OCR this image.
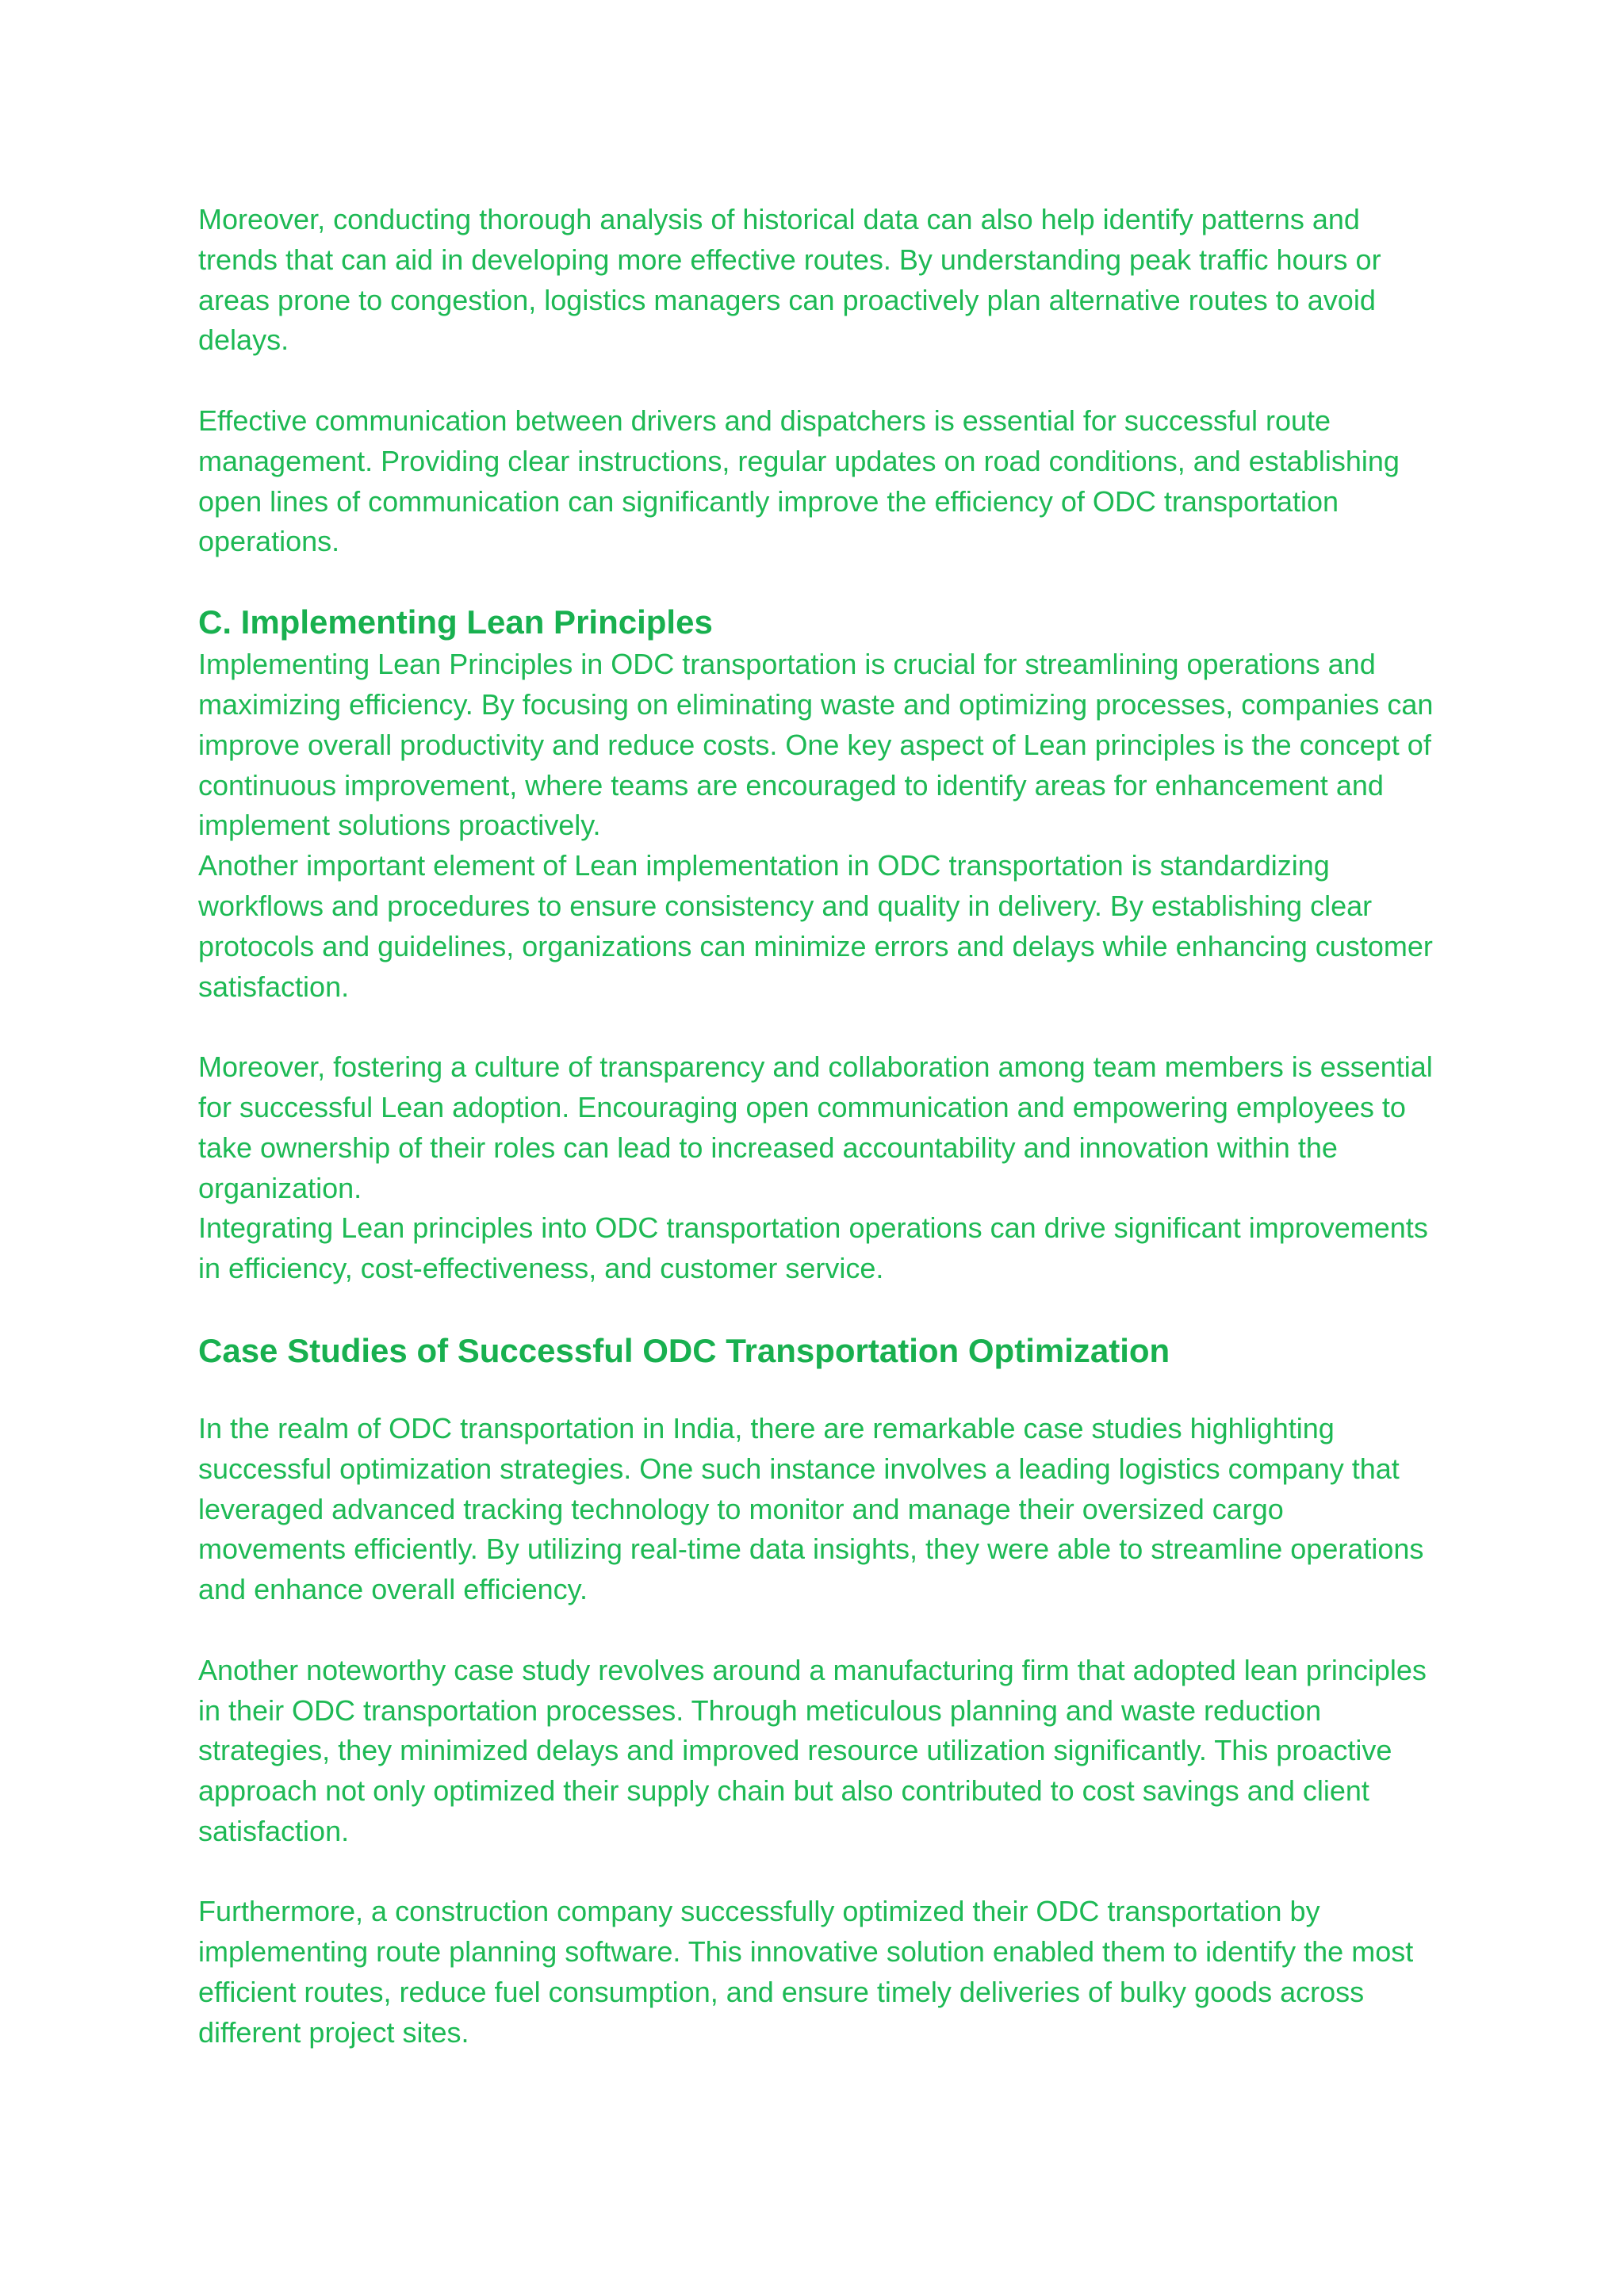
Moreover, conducting thorough analysis of historical data can also help identify patterns and trends that can aid in developing more effective routes. By understanding peak traffic hours or areas prone to congestion, logistics managers can proactively plan alternative routes to avoid delays.

Effective communication between drivers and dispatchers is essential for successful route management. Providing clear instructions, regular updates on road conditions, and establishing open lines of communication can significantly improve the efficiency of ODC transportation operations.

C. Implementing Lean Principles

Implementing Lean Principles in ODC transportation is crucial for streamlining operations and maximizing efficiency. By focusing on eliminating waste and optimizing processes, companies can improve overall productivity and reduce costs. One key aspect of Lean principles is the concept of continuous improvement, where teams are encouraged to identify areas for enhancement and implement solutions proactively.

Another important element of Lean implementation in ODC transportation is standardizing workflows and procedures to ensure consistency and quality in delivery. By establishing clear protocols and guidelines, organizations can minimize errors and delays while enhancing customer satisfaction.

Moreover, fostering a culture of transparency and collaboration among team members is essential for successful Lean adoption. Encouraging open communication and empowering employees to take ownership of their roles can lead to increased accountability and innovation within the organization.

Integrating Lean principles into ODC transportation operations can drive significant improvements in efficiency, cost-effectiveness, and customer service.

Case Studies of Successful ODC Transportation Optimization

In the realm of ODC transportation in India, there are remarkable case studies highlighting successful optimization strategies. One such instance involves a leading logistics company that leveraged advanced tracking technology to monitor and manage their oversized cargo movements efficiently. By utilizing real-time data insights, they were able to streamline operations and enhance overall efficiency.

Another noteworthy case study revolves around a manufacturing firm that adopted lean principles in their ODC transportation processes. Through meticulous planning and waste reduction strategies, they minimized delays and improved resource utilization significantly. This proactive approach not only optimized their supply chain but also contributed to cost savings and client satisfaction.

Furthermore, a construction company successfully optimized their ODC transportation by implementing route planning software. This innovative solution enabled them to identify the most efficient routes, reduce fuel consumption, and ensure timely deliveries of bulky goods across different project sites.
